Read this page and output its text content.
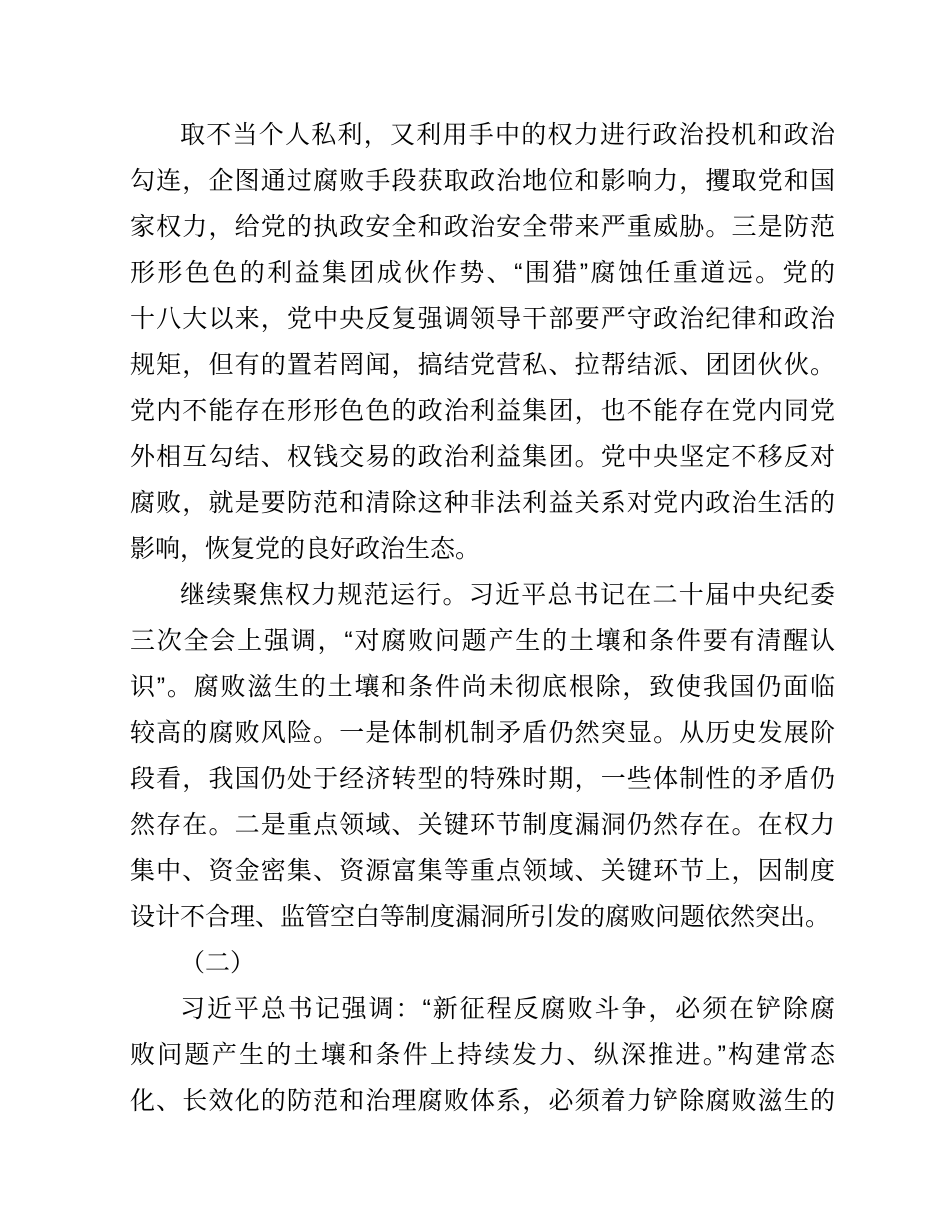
取不当个人私利，又利用手中的权力进行政治投机和政治
勾连，企图通过腐败手段获取政治地位和影响力，攫取党和国
家权力，给党的执政安全和政治安全带来严重威胁。三是防范
形形色色的利益集团成伙作势、“围猎”腐蚀任重道远。党的
十八大以来，党中央反复强调领导干部要严守政治纪律和政治
规矩，但有的置若罔闻，搞结党营私、拉帮结派、团团伙伙。
党内不能存在形形色色的政治利益集团，也不能存在党内同党
外相互勾结、权钱交易的政治利益集团。党中央坚定不移反对
腐败，就是要防范和清除这种非法利益关系对党内政治生活的
影响，恢复党的良好政治生态。
继续聚焦权力规范运行。习近平总书记在二十届中央纪委
三次全会上强调，“对腐败问题产生的土壤和条件要有清醒认
识”。腐败滋生的土壤和条件尚未彻底根除，致使我国仍面临
较高的腐败风险。一是体制机制矛盾仍然突显。从历史发展阶
段看，我国仍处于经济转型的特殊时期，一些体制性的矛盾仍
然存在。二是重点领域、关键环节制度漏洞仍然存在。在权力
集中、资金密集、资源富集等重点领域、关键环节上，因制度
设计不合理、监管空白等制度漏洞所引发的腐败问题依然突出。
（二）
习近平总书记强调：“新征程反腐败斗争，必须在铲除腐
败问题产生的土壤和条件上持续发力、纵深推进。”构建常态
化、长效化的防范和治理腐败体系，必须着力铲除腐败滋生的
